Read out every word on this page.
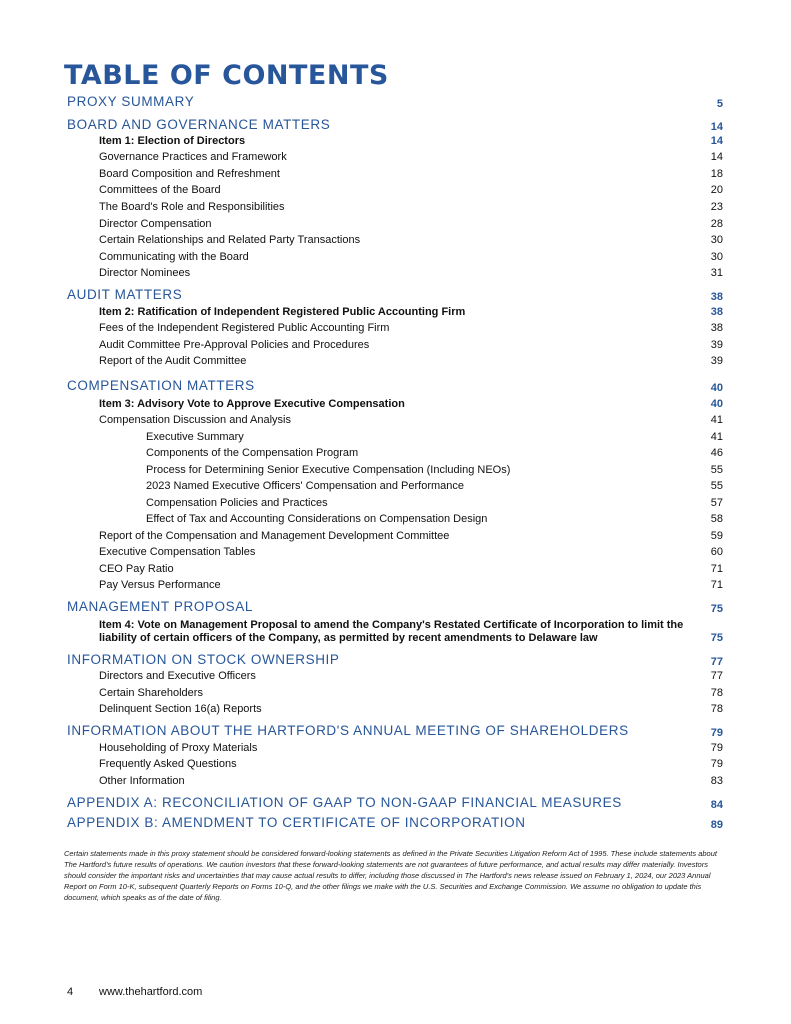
TABLE OF CONTENTS
PROXY SUMMARY	5
BOARD AND GOVERNANCE MATTERS	14
Item 1: Election of Directors	14
Governance Practices and Framework	14
Board Composition and Refreshment	18
Committees of the Board	20
The Board's Role and Responsibilities	23
Director Compensation	28
Certain Relationships and Related Party Transactions	30
Communicating with the Board	30
Director Nominees	31
AUDIT MATTERS	38
Item 2: Ratification of Independent Registered Public Accounting Firm	38
Fees of the Independent Registered Public Accounting Firm	38
Audit Committee Pre-Approval Policies and Procedures	39
Report of the Audit Committee	39
COMPENSATION MATTERS	40
Item 3: Advisory Vote to Approve Executive Compensation	40
Compensation Discussion and Analysis	41
Executive Summary	41
Components of the Compensation Program	46
Process for Determining Senior Executive Compensation (Including NEOs)	55
2023 Named Executive Officers' Compensation and Performance	55
Compensation Policies and Practices	57
Effect of Tax and Accounting Considerations on Compensation Design	58
Report of the Compensation and Management Development Committee	59
Executive Compensation Tables	60
CEO Pay Ratio	71
Pay Versus Performance	71
MANAGEMENT PROPOSAL	75
Item 4: Vote on Management Proposal to amend the Company's Restated Certificate of Incorporation to limit the liability of certain officers of the Company, as permitted by recent amendments to Delaware law	75
INFORMATION ON STOCK OWNERSHIP	77
Directors and Executive Officers	77
Certain Shareholders	78
Delinquent Section 16(a) Reports	78
INFORMATION ABOUT THE HARTFORD'S ANNUAL MEETING OF SHAREHOLDERS	79
Householding of Proxy Materials	79
Frequently Asked Questions	79
Other Information	83
APPENDIX A: RECONCILIATION OF GAAP TO NON-GAAP FINANCIAL MEASURES	84
APPENDIX B: AMENDMENT TO CERTIFICATE OF INCORPORATION	89

Certain statements made in this proxy statement should be considered forward-looking statements as defined in the Private Securities Litigation Reform Act of 1995. These include statements about The Hartford's future results of operations. We caution investors that these forward-looking statements are not guarantees of future performance, and actual results may differ materially. Investors should consider the important risks and uncertainties that may cause actual results to differ, including those discussed in The Hartford's news release issued on February 1, 2024, our 2023 Annual Report on Form 10-K, subsequent Quarterly Reports on Forms 10-Q, and the other filings we make with the U.S. Securities and Exchange Commission. We assume no obligation to update this document, which speaks as of the date of filing.

4 www.thehartford.com
